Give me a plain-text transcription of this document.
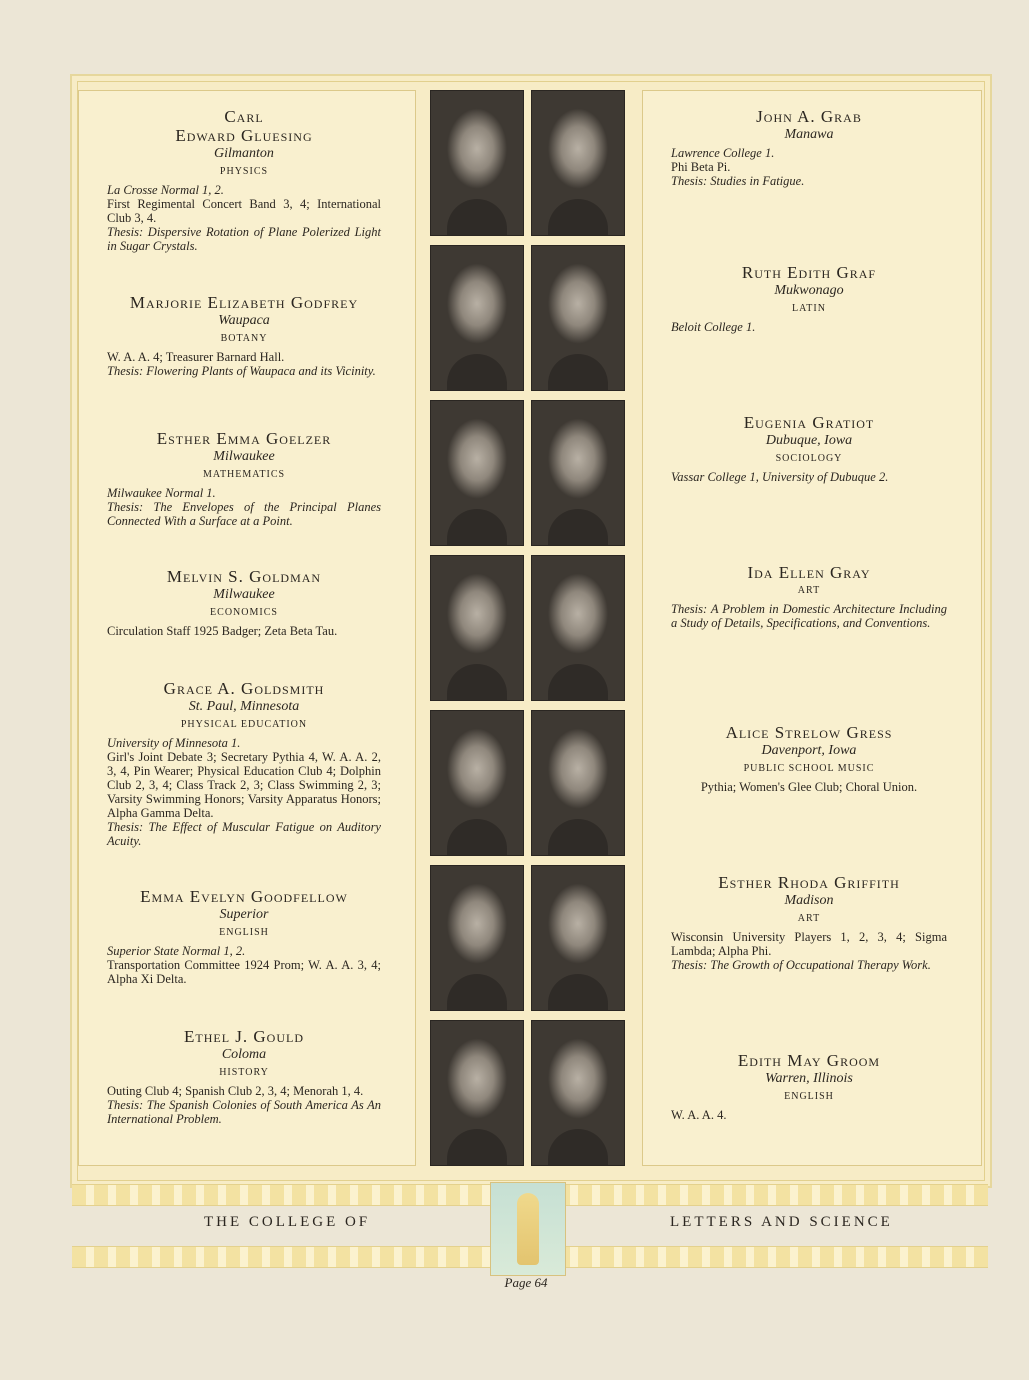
Carl
Edward Gluesing
Gilmanton
PHYSICS
La Crosse Normal 1, 2.
First Regimental Concert Band 3, 4; International Club 3, 4.
Thesis: Dispersive Rotation of Plane Polerized Light in Sugar Crystals.
Marjorie Elizabeth Godfrey
Waupaca
BOTANY
W. A. A. 4; Treasurer Barnard Hall.
Thesis: Flowering Plants of Waupaca and its Vicinity.
Esther Emma Goelzer
Milwaukee
MATHEMATICS
Milwaukee Normal 1.
Thesis: The Envelopes of the Principal Planes Connected With a Surface at a Point.
Melvin S. Goldman
Milwaukee
ECONOMICS
Circulation Staff 1925 Badger; Zeta Beta Tau.
Grace A. Goldsmith
St. Paul, Minnesota
PHYSICAL EDUCATION
University of Minnesota 1.
Girl's Joint Debate 3; Secretary Pythia 4, W. A. A. 2, 3, 4, Pin Wearer; Physical Education Club 4; Dolphin Club 2, 3, 4; Class Track 2, 3; Class Swimming 2, 3; Varsity Swimming Honors; Varsity Apparatus Honors; Alpha Gamma Delta.
Thesis: The Effect of Muscular Fatigue on Auditory Acuity.
Emma Evelyn Goodfellow
Superior
ENGLISH
Superior State Normal 1, 2.
Transportation Committee 1924 Prom; W. A. A. 3, 4; Alpha Xi Delta.
Ethel J. Gould
Coloma
HISTORY
Outing Club 4; Spanish Club 2, 3, 4; Menorah 1, 4.
Thesis: The Spanish Colonies of South America As An International Problem.
John A. Grab
Manawa
Lawrence College 1.
Phi Beta Pi.
Thesis: Studies in Fatigue.
Ruth Edith Graf
Mukwonago
LATIN
Beloit College 1.
Eugenia Gratiot
Dubuque, Iowa
SOCIOLOGY
Vassar College 1, University of Dubuque 2.
Ida Ellen Gray
ART
Thesis: A Problem in Domestic Architecture Including a Study of Details, Specifications, and Conventions.
Alice Strelow Gress
Davenport, Iowa
PUBLIC SCHOOL MUSIC
Pythia; Women's Glee Club; Choral Union.
Esther Rhoda Griffith
Madison
ART
Wisconsin University Players 1, 2, 3, 4; Sigma Lambda; Alpha Phi.
Thesis: The Growth of Occupational Therapy Work.
Edith May Groom
Warren, Illinois
ENGLISH
W. A. A. 4.
THE COLLEGE OF	LETTERS AND SCIENCE
Page 64
